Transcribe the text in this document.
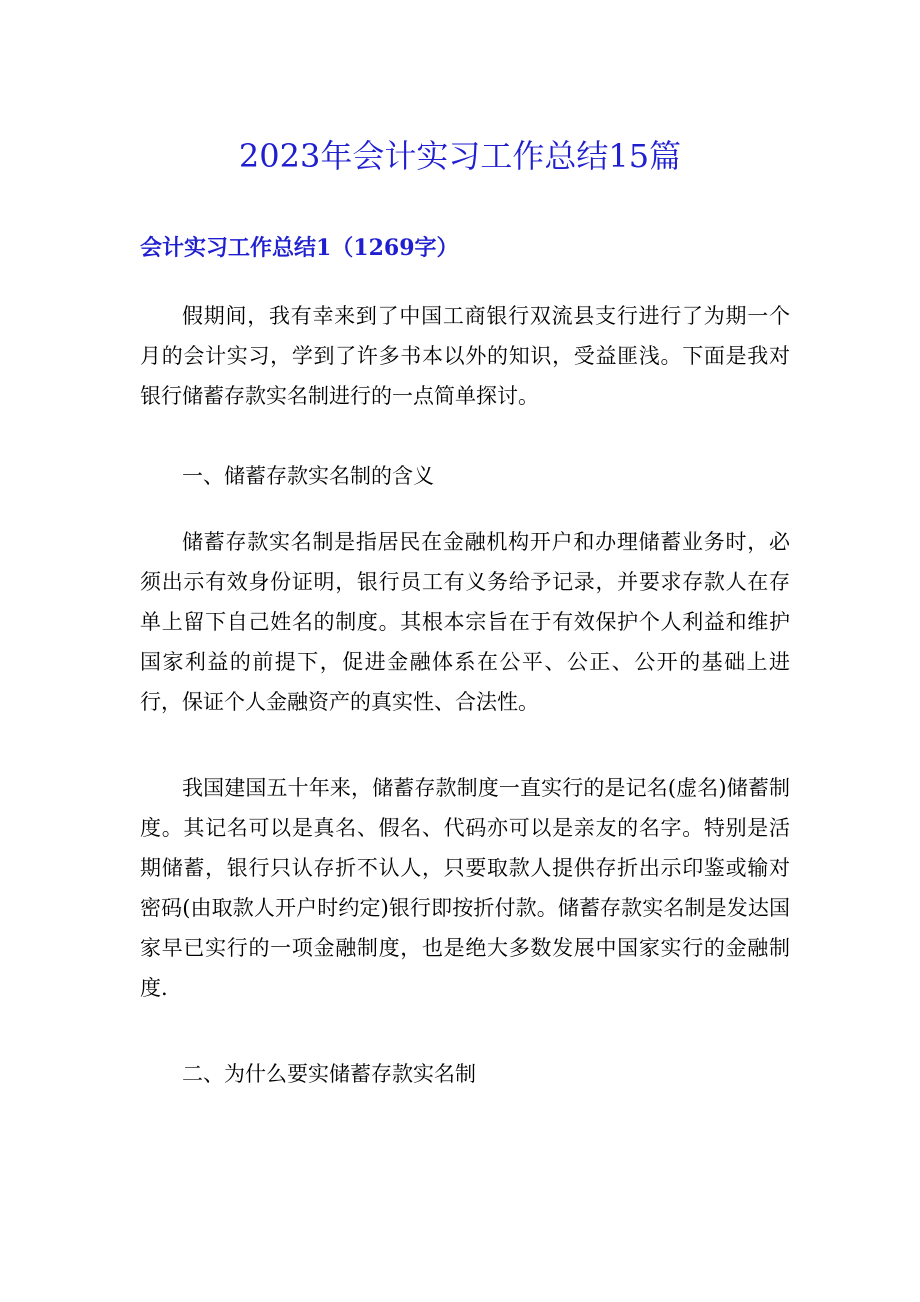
2023年会计实习工作总结15篇
会计实习工作总结1（1269字）

假期间，我有幸来到了中国工商银行双流县支行进行了为期一个月的会计实习，学到了许多书本以外的知识，受益匪浅。下面是我对银行储蓄存款实名制进行的一点简单探讨。

一、储蓄存款实名制的含义

储蓄存款实名制是指居民在金融机构开户和办理储蓄业务时，必须出示有效身份证明，银行员工有义务给予记录，并要求存款人在存单上留下自己姓名的制度。其根本宗旨在于有效保护个人利益和维护国家利益的前提下，促进金融体系在公平、公正、公开的基础上进行，保证个人金融资产的真实性、合法性。

我国建国五十年来，储蓄存款制度一直实行的是记名(虚名)储蓄制度。其记名可以是真名、假名、代码亦可以是亲友的名字。特别是活期储蓄，银行只认存折不认人，只要取款人提供存折出示印鉴或输对密码(由取款人开户时约定)银行即按折付款。储蓄存款实名制是发达国家早已实行的一项金融制度，也是绝大多数发展中国家实行的金融制度.

二、为什么要实储蓄存款实名制
